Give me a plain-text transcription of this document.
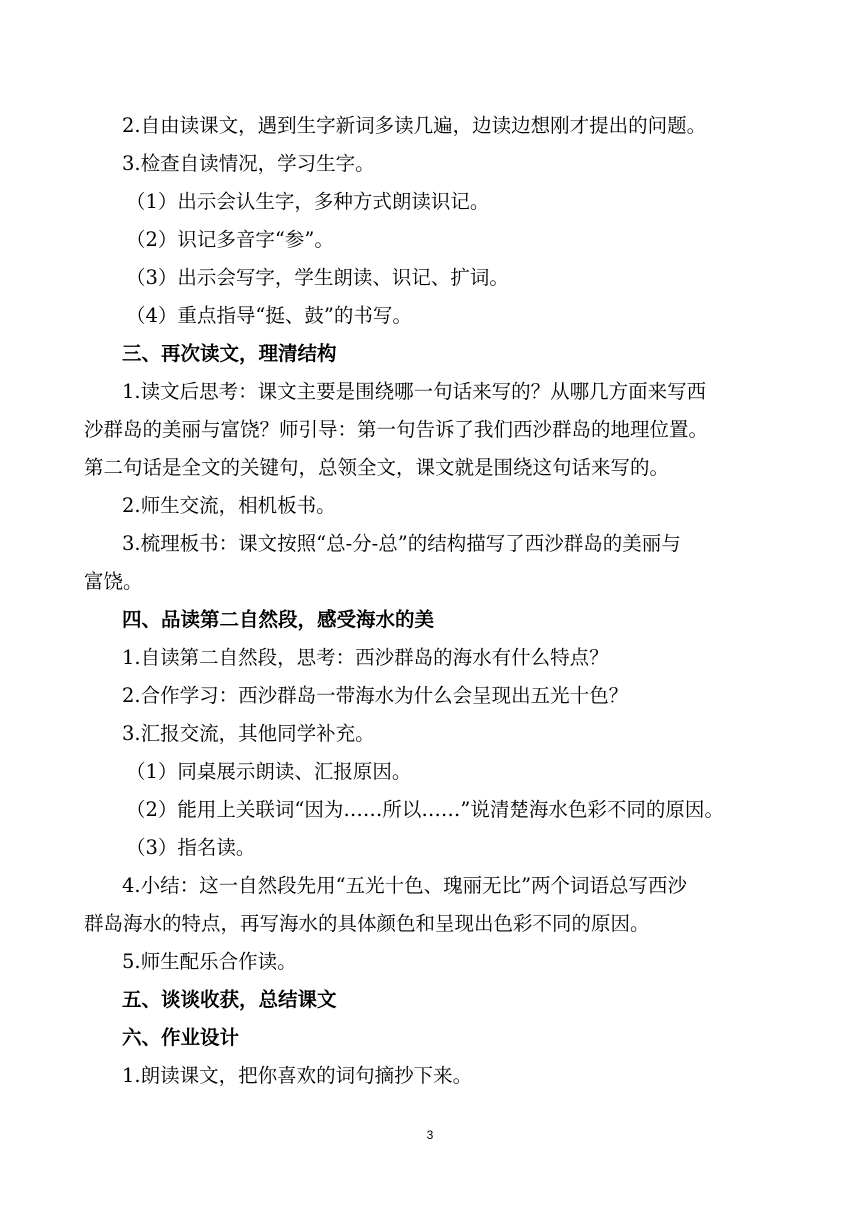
2.自由读课文，遇到生字新词多读几遍，边读边想刚才提出的问题。
3.检查自读情况，学习生字。
（1）出示会认生字，多种方式朗读识记。
（2）识记多音字“参”。
（3）出示会写字，学生朗读、识记、扩词。
（4）重点指导“挺、鼓”的书写。
三、再次读文，理清结构
1.读文后思考：课文主要是围绕哪一句话来写的？从哪几方面来写西
沙群岛的美丽与富饶？师引导：第一句告诉了我们西沙群岛的地理位置。
第二句话是全文的关键句，总领全文，课文就是围绕这句话来写的。
2.师生交流，相机板书。
3.梳理板书：课文按照“总-分-总”的结构描写了西沙群岛的美丽与
富饶。
四、品读第二自然段，感受海水的美
1.自读第二自然段，思考：西沙群岛的海水有什么特点？
2.合作学习：西沙群岛一带海水为什么会呈现出五光十色？
3.汇报交流，其他同学补充。
（1）同桌展示朗读、汇报原因。
（2）能用上关联词“因为……所以……”说清楚海水色彩不同的原因。
（3）指名读。
4.小结：这一自然段先用“五光十色、瑰丽无比”两个词语总写西沙
群岛海水的特点，再写海水的具体颜色和呈现出色彩不同的原因。
5.师生配乐合作读。
五、谈谈收获，总结课文
六、作业设计
1.朗读课文，把你喜欢的词句摘抄下来。
3
